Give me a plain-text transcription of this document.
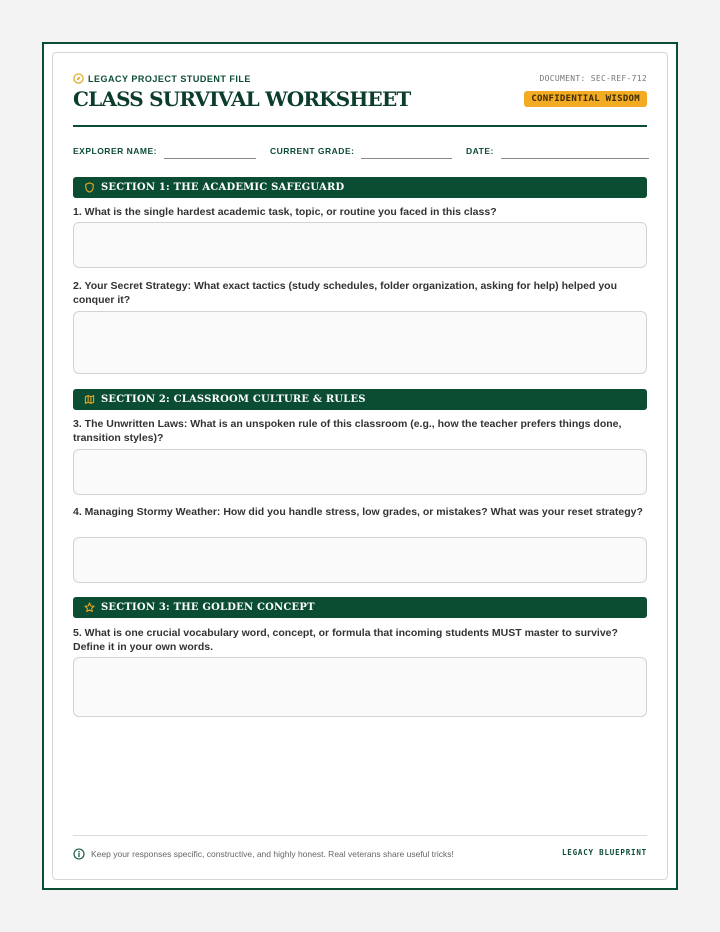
LEGACY PROJECT STUDENT FILE
CLASS SURVIVAL WORKSHEET
DOCUMENT: SEC-REF-712
CONFIDENTIAL WISDOM
EXPLORER NAME:	CURRENT GRADE:	DATE:
SECTION 1: THE ACADEMIC SAFEGUARD
1. What is the single hardest academic task, topic, or routine you faced in this class?
2. Your Secret Strategy: What exact tactics (study schedules, folder organization, asking for help) helped you conquer it?
SECTION 2: CLASSROOM CULTURE & RULES
3. The Unwritten Laws: What is an unspoken rule of this classroom (e.g., how the teacher prefers things done, transition styles)?
4. Managing Stormy Weather: How did you handle stress, low grades, or mistakes? What was your reset strategy?
SECTION 3: THE GOLDEN CONCEPT
5. What is one crucial vocabulary word, concept, or formula that incoming students MUST master to survive? Define it in your own words.
Keep your responses specific, constructive, and highly honest. Real veterans share useful tricks!	LEGACY BLUEPRINT
